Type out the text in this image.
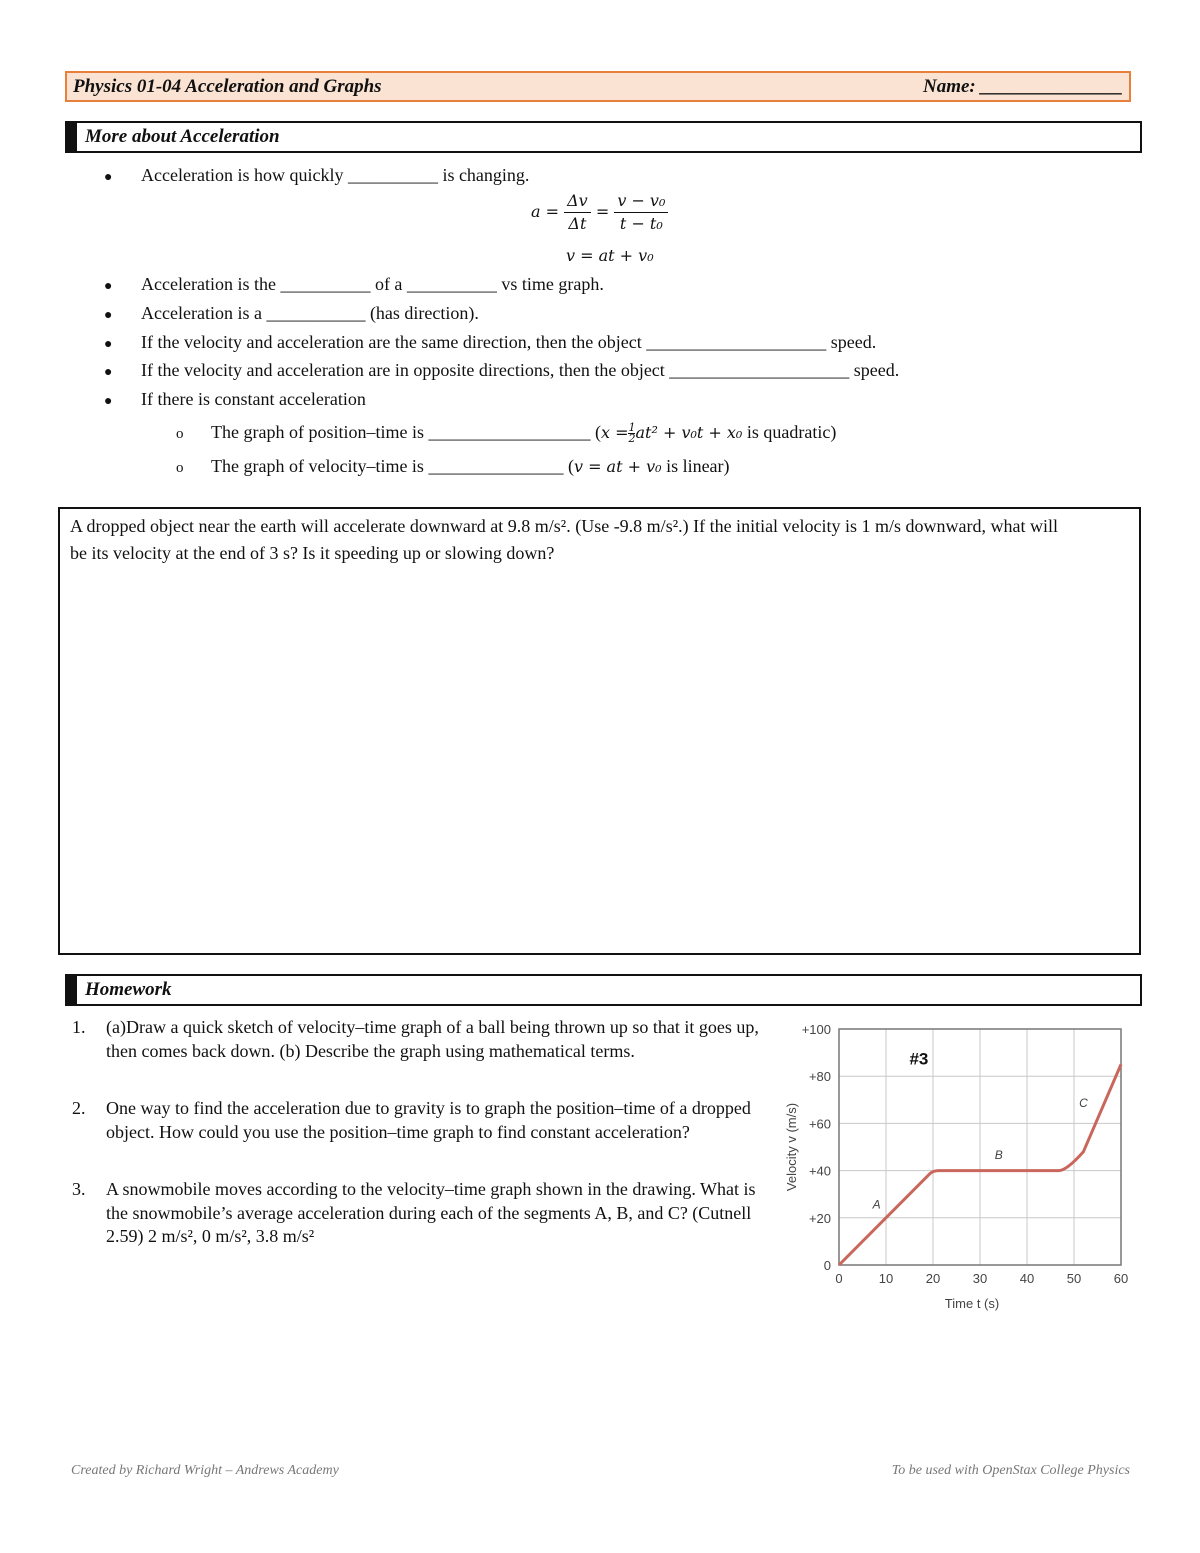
Physics 01-04 Acceleration and Graphs	Name: _______________
More about Acceleration
● Acceleration is how quickly __________ is changing.
$a = \frac{\Delta v}{\Delta t} = \frac{\text{v − v₀}}{\text{t − t₀}}$
v = at + v₀
● Acceleration is the __________ of a __________ vs time graph.
● Acceleration is a ___________ (has direction).
● If the velocity and acceleration are the same direction, then the object ____________________ speed.
● If the velocity and acceleration are in opposite directions, then the object ____________________ speed.
● If there is constant acceleration
o The graph of position–time is __________________ ($x = \frac{1}{2}at^2 + v_0t + x_0$ is quadratic)
o The graph of velocity–time is _______________ (v = at + v₀ is linear)
A dropped object near the earth will accelerate downward at 9.8 m/s². (Use -9.8 m/s².) If the initial velocity is 1 m/s downward, what will be its velocity at the end of 3 s? Is it speeding up or slowing down?
Homework
1.	(a)Draw a quick sketch of velocity–time graph of a ball being thrown up so that it goes up, then comes back down. (b) Describe the graph using mathematical terms.
2.	One way to find the acceleration due to gravity is to graph the position–time of a dropped object. How could you use the position–time graph to find constant acceleration?
3.	A snowmobile moves according to the velocity–time graph shown in the drawing. What is the snowmobile’s average acceleration during each of the segments A, B, and C? (Cutnell 2.59) 2 m/s², 0 m/s², 3.8 m/s²
0	10	20	30	40	50	60
0
+20
+40
+60
+80
+100
Time t (s)
Velocity v (m/s)
#3
A
B
C
Created by Richard Wright – Andrews Academy	To be used with OpenStax College Physics
